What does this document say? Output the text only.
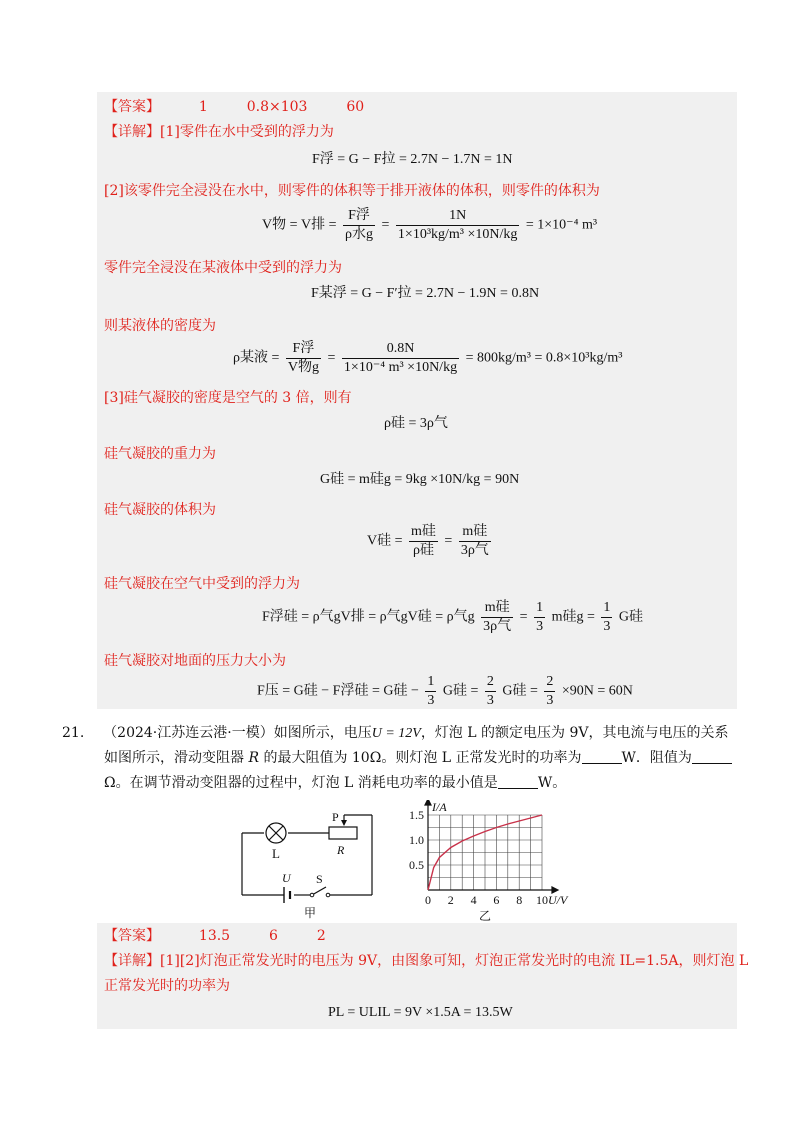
【答案】	1	0.8×103	60
【详解】[1]零件在水中受到的浮力为
F浮 = G − F拉 = 2.7N − 1.7N = 1N
[2]该零件完全浸没在水中，则零件的体积等于排开液体的体积，则零件的体积为
V物 = V排 = $\frac{\text{F浮}}{\text{ρ水g}} = \frac{1N}{\text{1×10³kg/m³ ×10N/kg}} = 1\times 10^{-4}$ m³
零件完全浸没在某液体中受到的浮力为
F某浮 = G − F′拉 = 2.7N − 1.9N = 0.8N
则某液体的密度为
ρ某液 = $\frac{\text{F浮}}{\text{V物g}} = \frac{0.8N}{\text{1×10⁻⁴ m³ ×10N/kg}} = 800kg/m^3 = 0.8\times 10^3kg/m^3$
[3]硅气凝胶的密度是空气的 3 倍，则有
ρ硅 = 3ρ气
硅气凝胶的重力为
G硅 = m硅g = 9kg ×10N/kg = 90N
硅气凝胶的体积为
V硅 = $\frac{\text{m硅}}{\text{ρ硅}} = \frac{\text{m硅}}{\text{3ρ气}}$
硅气凝胶在空气中受到的浮力为
F浮硅 = ρ气gV排 = ρ气gV硅 = ρ气g $\frac{\text{m硅}}{\text{3ρ气}} = \frac{1}{3}$ m硅$g = \frac{1}{3}$ G硅
硅气凝胶对地面的压力大小为
F压 = G硅 − F浮硅 = G硅 − $\frac{1}{3}$ G硅 = $\frac{2}{3}$ G硅 = $\frac{2}{3} \times 90N = 60N$
21. （2024·江苏连云港·一模）如图所示，电压U = 12V，灯泡 L 的额定电压为 9V，其电流与电压的关系
如图所示，滑动变阻器 R 的最大阻值为 10Ω。则灯泡 L 正常发光时的功率为	W．阻值为
Ω。在调节滑动变阻器的过程中，灯泡 L 消耗电功率的最小值是	W。
L
P
R
U S
甲
0 2 4 6 8 10
0.5
1.0
1.5
U/V
I/A
乙
【答案】	13.5	6	2
【详解】[1][2]灯泡正常发光时的电压为 9V，由图象可知，灯泡正常发光时的电流 IL=1.5A，则灯泡 L
正常发光时的功率为
PL = ULIL = 9V ×1.5A = 13.5W
